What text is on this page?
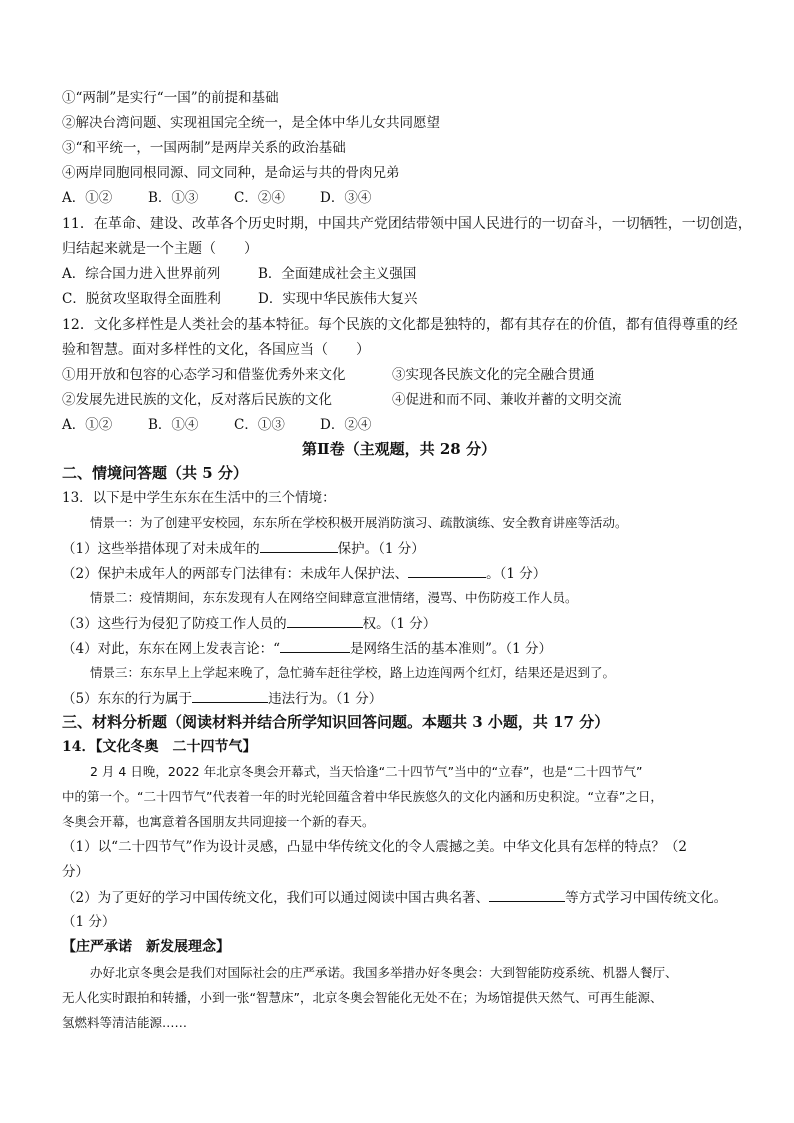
①“两制”是实行“一国”的前提和基础
②解决台湾问题、实现祖国完全统一，是全体中华儿女共同愿望
③“和平统一，一国两制”是两岸关系的政治基础
④两岸同胞同根同源、同文同种，是命运与共的骨肉兄弟
A．①②	B．①③	C．②④	D．③④
11．在革命、建设、改革各个历史时期，中国共产党团结带领中国人民进行的一切奋斗，一切牺牲，一切创造，
归结起来就是一个主题（　　）
A．综合国力进入世界前列	B．全面建成社会主义强国
C．脱贫攻坚取得全面胜利	D．实现中华民族伟大复兴
12．文化多样性是人类社会的基本特征。每个民族的文化都是独特的，都有其存在的价值，都有值得尊重的经
验和智慧。面对多样性的文化，各国应当（　　）
①用开放和包容的心态学习和借鉴优秀外来文化	③实现各民族文化的完全融合贯通
②发展先进民族的文化，反对落后民族的文化	④促进和而不同、兼收并蓄的文明交流
A．①②	B．①④	C．①③	D．②④
第Ⅱ卷（主观题，共 28 分）
二、情境问答题（共 5 分）
13．以下是中学生东东在生活中的三个情境：
情景一：为了创建平安校园，东东所在学校积极开展消防演习、疏散演练、安全教育讲座等活动。
（1）这些举措体现了对未成年的	保护。（1 分）
（2）保护未成年人的两部专门法律有：未成年人保护法、	。（1 分）
情景二：疫情期间，东东发现有人在网络空间肆意宣泄情绪，漫骂、中伤防疫工作人员。
（3）这些行为侵犯了防疫工作人员的	权。（1 分）
（4）对此，东东在网上发表言论：“	是网络生活的基本准则”。（1 分）
情景三：东东早上上学起来晚了，急忙骑车赶往学校，路上边连闯两个红灯，结果还是迟到了。
（5）东东的行为属于	违法行为。（1 分）
三、材料分析题（阅读材料并结合所学知识回答问题。本题共 3 小题，共 17 分）
14．【文化冬奥　二十四节气】
2 月 4 日晚，2022 年北京冬奥会开幕式，当天恰逢“二十四节气”当中的“立春”，也是“二十四节气”
中的第一个。“二十四节气”代表着一年的时光轮回蕴含着中华民族悠久的文化内涵和历史积淀。“立春”之日，
冬奥会开幕，也寓意着各国朋友共同迎接一个新的春天。
（1）以“二十四节气”作为设计灵感，凸显中华传统文化的令人震撼之美。中华文化具有怎样的特点？（2
分）
（2）为了更好的学习中国传统文化，我们可以通过阅读中国古典名著、	等方式学习中国传统文化。
（1 分）
【庄严承诺　新发展理念】
办好北京冬奥会是我们对国际社会的庄严承诺。我国多举措办好冬奥会：大到智能防疫系统、机器人餐厅、
无人化实时跟拍和转播，小到一张“智慧床”，北京冬奥会智能化无处不在；为场馆提供天然气、可再生能源、
氢燃料等清洁能源……
